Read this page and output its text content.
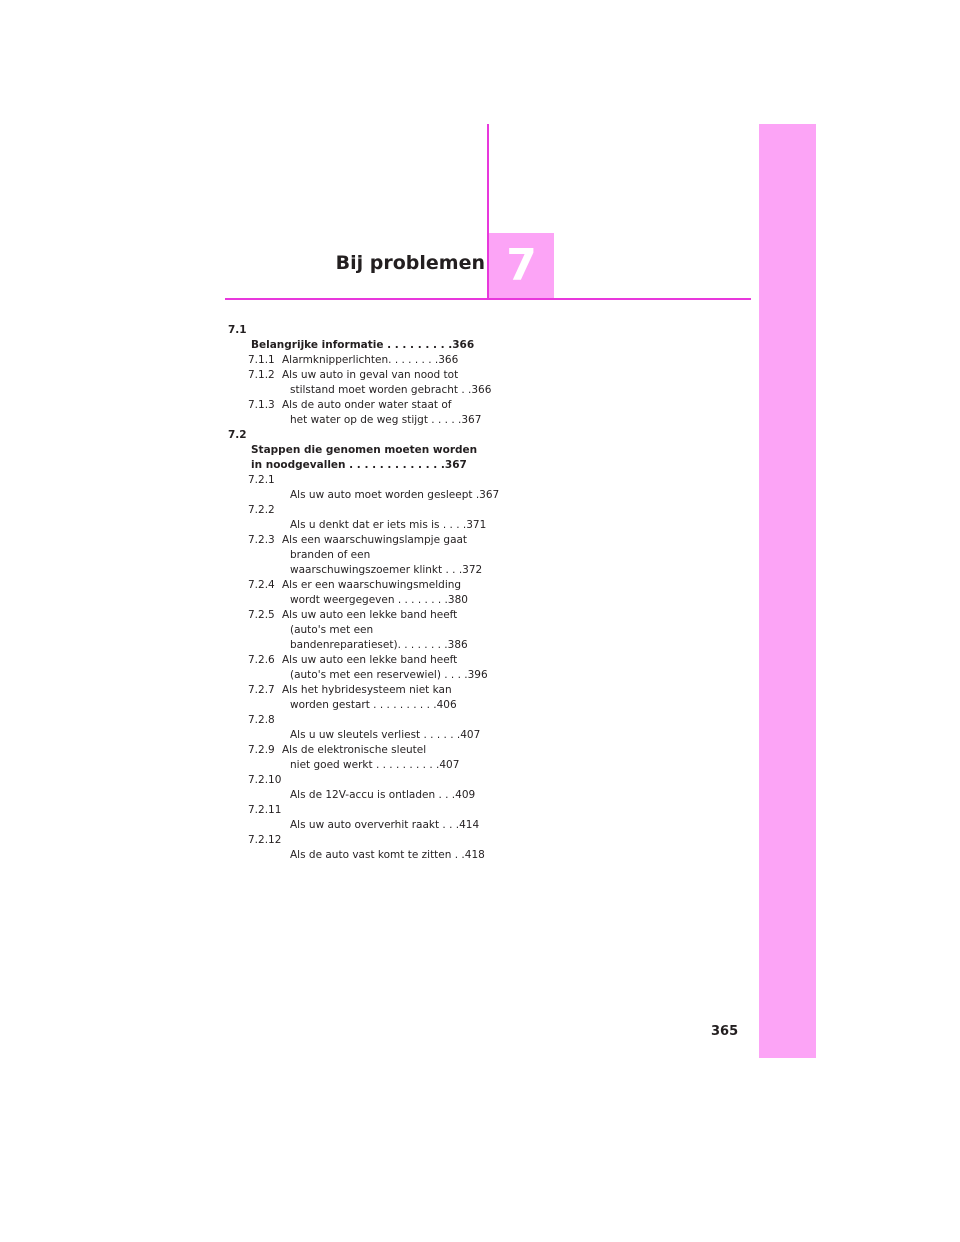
7
Bij problemen
7.1Belangrijke informatie . . . . . . . . .366
7.1.1 Alarmknipperlichten. . . . . . . .366
7.1.2 Als uw auto in geval van nood tot
stilstand moet worden gebracht . .366
7.1.3 Als de auto onder water staat of
het water op de weg stijgt . . . . .367
7.2Stappen die genomen moeten worden
in noodgevallen . . . . . . . . . . . . .367
7.2.1Als uw auto moet worden gesleept .367
7.2.2Als u denkt dat er iets mis is . . . .371
7.2.3 Als een waarschuwingslampje gaat
branden of een
waarschuwingszoemer klinkt . . .372
7.2.4 Als er een waarschuwingsmelding
wordt weergegeven . . . . . . . .380
7.2.5 Als uw auto een lekke band heeft
(auto's met een
bandenreparatieset). . . . . . . .386
7.2.6 Als uw auto een lekke band heeft
(auto's met een reservewiel) . . . .396
7.2.7 Als het hybridesysteem niet kan
worden gestart . . . . . . . . . .406
7.2.8Als u uw sleutels verliest . . . . . .407
7.2.9 Als de elektronische sleutel
niet goed werkt . . . . . . . . . .407
7.2.10Als de 12V-accu is ontladen . . .409
7.2.11Als uw auto oververhit raakt . . .414
7.2.12Als de auto vast komt te zitten . .418
365
